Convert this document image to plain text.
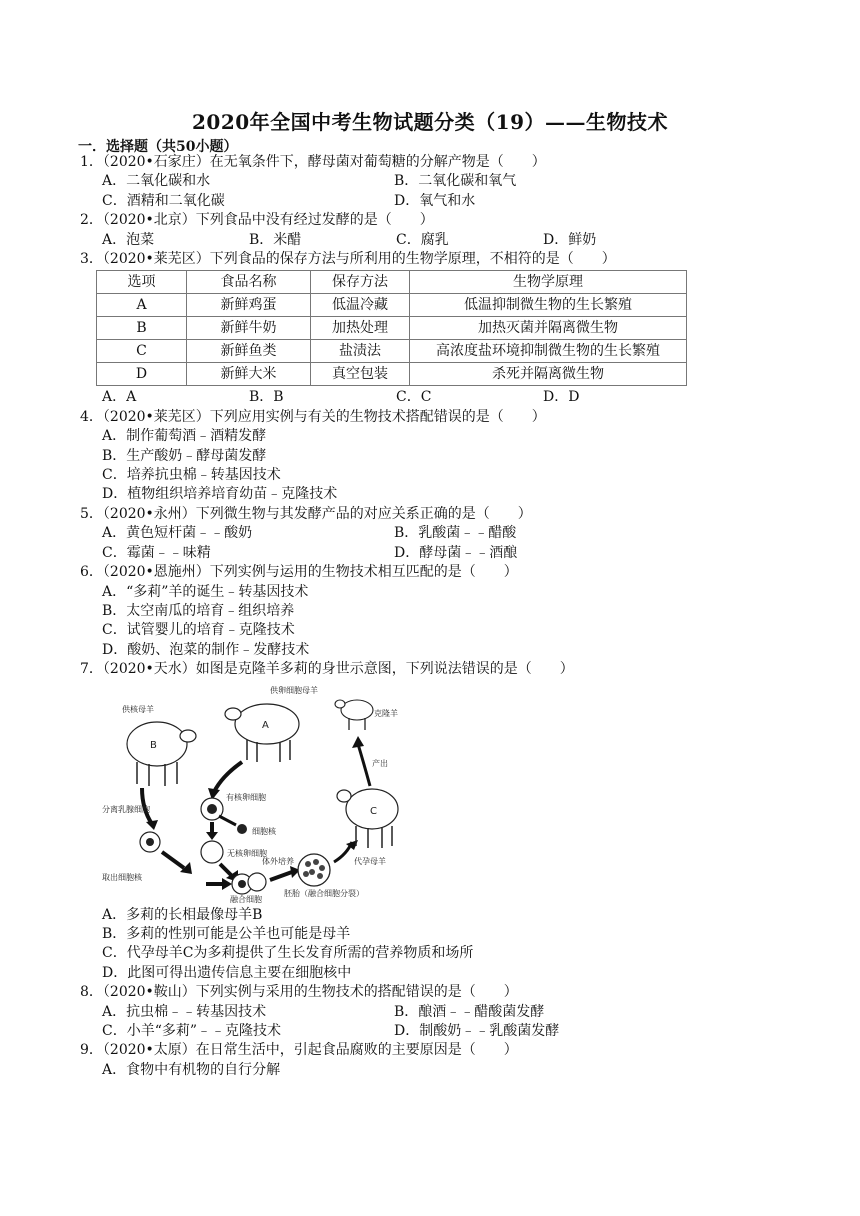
2020年全国中考生物试题分类（19）——生物技术
一．选择题（共50小题）

1．（2020•石家庄）在无氧条件下，酵母菌对葡萄糖的分解产物是（　　）

A．二氧化碳和水	B．二氧化碳和氧气
C．酒精和二氧化碳	D．氧气和水

2．（2020•北京）下列食品中没有经过发酵的是（　　）

A．泡菜	B．米醋	C．腐乳	D．鲜奶

3．（2020•莱芜区）下列食品的保存方法与所利用的生物学原理，不相符的是（　　）

选项	食品名称	保存方法	生物学原理
A	新鲜鸡蛋	低温冷藏	低温抑制微生物的生长繁殖
B	新鲜牛奶	加热处理	加热灭菌并隔离微生物
C	新鲜鱼类	盐渍法	高浓度盐环境抑制微生物的生长繁殖
D	新鲜大米	真空包装	杀死并隔离微生物
A．A	B．B	C．C	D．D

4．（2020•莱芜区）下列应用实例与有关的生物技术搭配错误的是（　　）

A．制作葡萄酒﹣酒精发酵
B．生产酸奶﹣酵母菌发酵
C．培养抗虫棉﹣转基因技术
D．植物组织培养培育幼苗﹣克隆技术

5．（2020•永州）下列微生物与其发酵产品的对应关系正确的是（　　）

A．黄色短杆菌﹣﹣酸奶	B．乳酸菌﹣﹣醋酸
C．霉菌﹣﹣味精	D．酵母菌﹣﹣酒酿

6．（2020•恩施州）下列实例与运用的生物技术相互匹配的是（　　）

A．“多莉”羊的诞生﹣转基因技术
B．太空南瓜的培育﹣组织培养
C．试管婴儿的培育﹣克隆技术
D．酸奶、泡菜的制作﹣发酵技术

7．（2020•天水）如图是克隆羊多莉的身世示意图，下列说法错误的是（　　）

A
供卵细胞母羊
克隆羊
B
供核母羊
有核卵细胞
细胞核
无核卵细胞
分离乳腺细胞
取出细胞核
融合细胞
体外培养
胚胎（融合细胞分裂）
C
代孕母羊
产出
A．多莉的长相最像母羊B
B．多莉的性别可能是公羊也可能是母羊
C．代孕母羊C为多莉提供了生长发育所需的营养物质和场所
D．此图可得出遗传信息主要在细胞核中

8．（2020•鞍山）下列实例与采用的生物技术的搭配错误的是（　　）

A．抗虫棉﹣﹣转基因技术	B．酿酒﹣﹣醋酸菌发酵
C．小羊“多莉”﹣﹣克隆技术	D．制酸奶﹣﹣乳酸菌发酵

9．（2020•太原）在日常生活中，引起食品腐败的主要原因是（　　）

A．食物中有机物的自行分解
